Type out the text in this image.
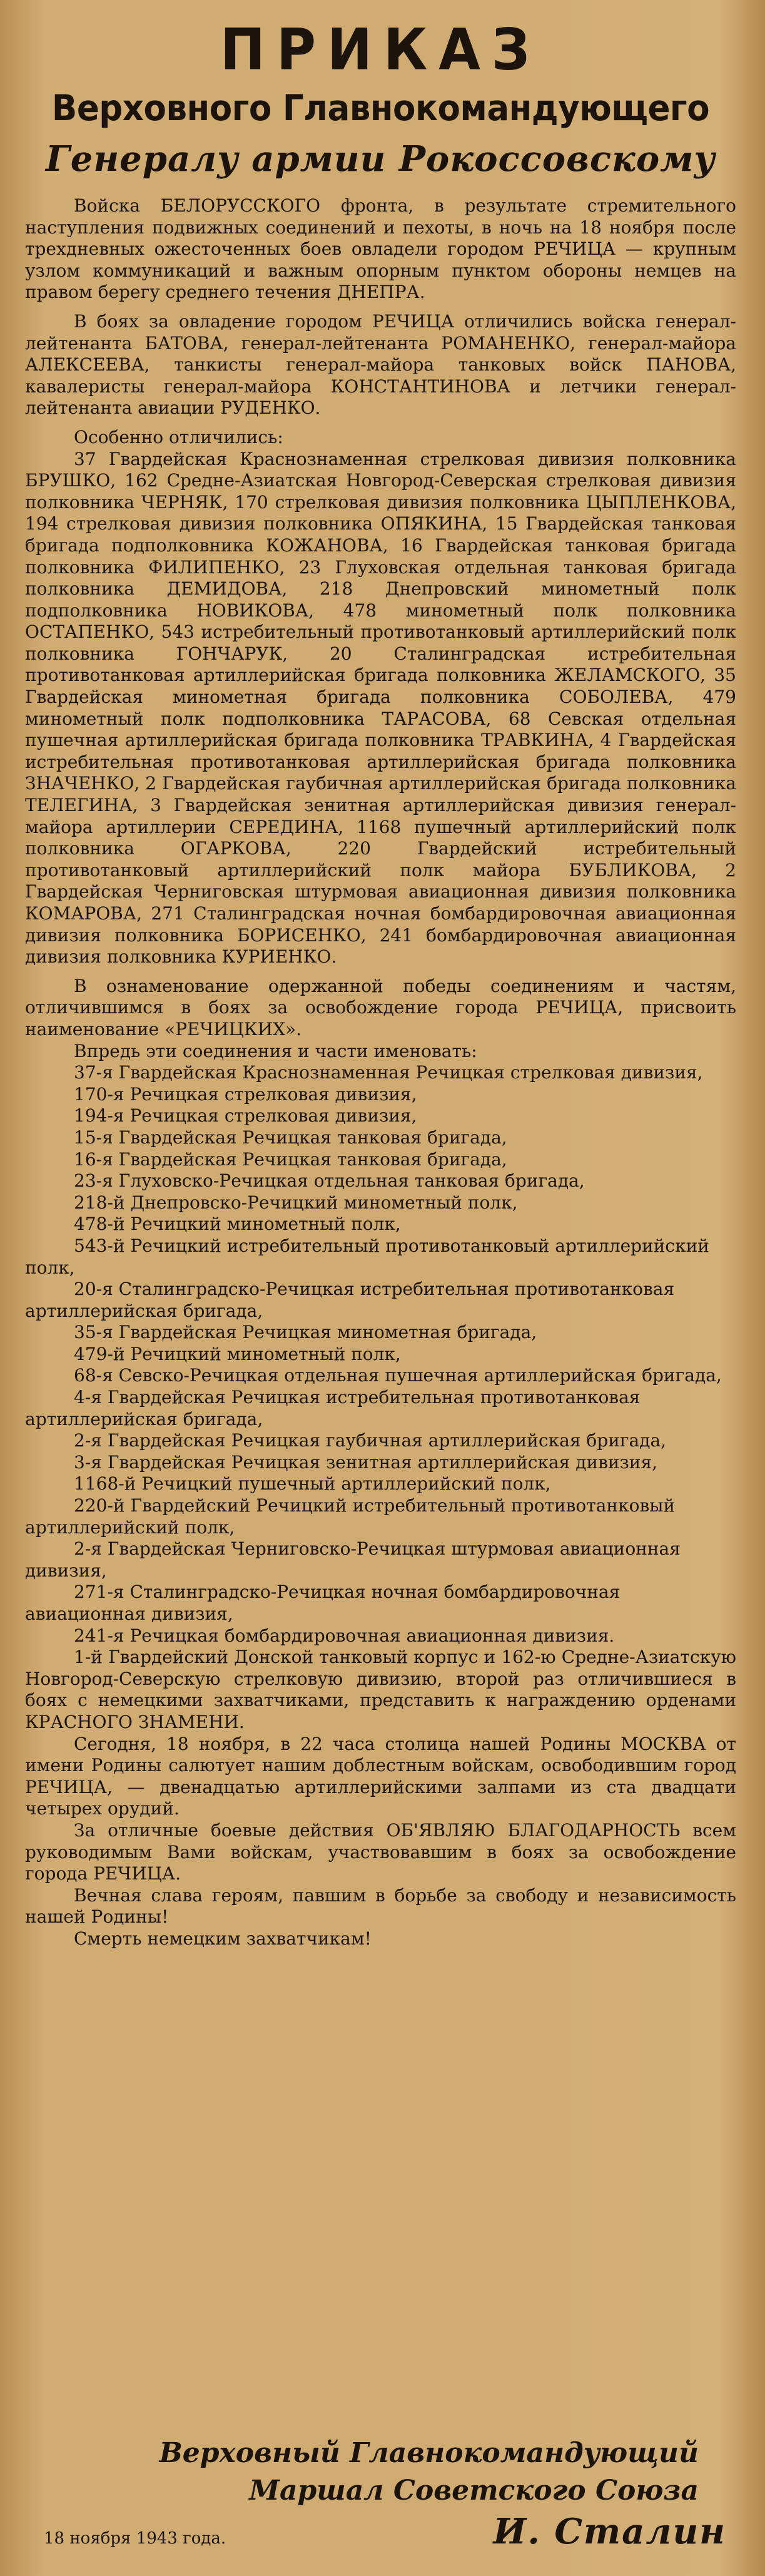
ПРИКАЗ
Верховного Главнокомандующего
Генералу армии Рокоссовскому

Войска БЕЛОРУССКОГО фронта, в результате стремительного наступления подвижных соединений и пехоты, в ночь на 18 ноября после трехдневных ожесточенных боев овладели городом РЕЧИЦА — крупным узлом коммуникаций и важным опорным пунктом обороны немцев на правом берегу среднего течения ДНЕПРА.

В боях за овладение городом РЕЧИЦА отличились войска генерал-лейтенанта БАТОВА, генерал-лейтенанта РОМАНЕНКО, генерал-майора АЛЕКСЕЕВА, танкисты генерал-майора танковых войск ПАНОВА, кавалеристы генерал-майора КОНСТАНТИНОВА и летчики генерал-лейтенанта авиации РУДЕНКО.

Особенно отличились:

37 Гвардейская Краснознаменная стрелковая дивизия полковника БРУШКО, 162 Средне-Азиатская Новгород-Северская стрелковая дивизия полковника ЧЕРНЯК, 170 стрелковая дивизия полковника ЦЫПЛЕНКОВА, 194 стрелковая дивизия полковника ОПЯКИНА, 15 Гвардейская танковая бригада подполковника КОЖАНОВА, 16 Гвардейская танковая бригада полковника ФИЛИПЕНКО, 23 Глуховская отдельная танковая бригада полковника ДЕМИДОВА, 218 Днепровский минометный полк подполковника НОВИКОВА, 478 минометный полк полковника ОСТАПЕНКО, 543 истребительный противотанковый артиллерийский полк полковника ГОНЧАРУК, 20 Сталинградская истребительная противотанковая артиллерийская бригада полковника ЖЕЛАМСКОГО, 35 Гвардейская минометная бригада полковника СОБОЛЕВА, 479 минометный полк подполковника ТАРАСОВА, 68 Севская отдельная пушечная артиллерийская бригада полковника ТРАВКИНА, 4 Гвардейская истребительная противотанковая артиллерийская бригада полковника ЗНАЧЕНКО, 2 Гвардейская гаубичная артиллерийская бригада полковника ТЕЛЕГИНА, 3 Гвардейская зенитная артиллерийская дивизия генерал-майора артиллерии СЕРЕДИНА, 1168 пушечный артиллерийский полк полковника ОГАРКОВА, 220 Гвардейский истребительный противотанковый артиллерийский полк майора БУБЛИКОВА, 2 Гвардейская Черниговская штурмовая авиационная дивизия полковника КОМАРОВА, 271 Сталинградская ночная бомбардировочная авиационная дивизия полковника БОРИСЕНКО, 241 бомбардировочная авиационная дивизия полковника КУРИЕНКО.

В ознаменование одержанной победы соединениям и частям, отличившимся в боях за освобождение города РЕЧИЦА, присвоить наименование «РЕЧИЦКИХ».

Впредь эти соединения и части именовать:

37-я Гвардейская Краснознаменная Речицкая стрелковая дивизия,

170-я Речицкая стрелковая дивизия,

194-я Речицкая стрелковая дивизия,

15-я Гвардейская Речицкая танковая бригада,

16-я Гвардейская Речицкая танковая бригада,

23-я Глуховско-Речицкая отдельная танковая бригада,

218-й Днепровско-Речицкий минометный полк,

478-й Речицкий минометный полк,

543-й Речицкий истребительный противотанковый артиллерийский полк,

20-я Сталинградско-Речицкая истребительная противотанковая артиллерийская бригада,

35-я Гвардейская Речицкая минометная бригада,

479-й Речицкий минометный полк,

68-я Севско-Речицкая отдельная пушечная артиллерийская бригада,

4-я Гвардейская Речицкая истребительная противотанковая артиллерийская бригада,

2-я Гвардейская Речицкая гаубичная артиллерийская бригада,

3-я Гвардейская Речицкая зенитная артиллерийская дивизия,

1168-й Речицкий пушечный артиллерийский полк,

220-й Гвардейский Речицкий истребительный противотанковый артиллерийский полк,

2-я Гвардейская Черниговско-Речицкая штурмовая авиационная дивизия,

271-я Сталинградско-Речицкая ночная бомбардировочная авиационная дивизия,

241-я Речицкая бомбардировочная авиационная дивизия.

1-й Гвардейский Донской танковый корпус и 162-ю Средне-Азиатскую Новгород-Северскую стрелковую дивизию, второй раз отличившиеся в боях с немецкими захватчиками, представить к награждению орденами КРАСНОГО ЗНАМЕНИ.

Сегодня, 18 ноября, в 22 часа столица нашей Родины МОСКВА от имени Родины салютует нашим доблестным войскам, освободившим город РЕЧИЦА, — двенадцатью артиллерийскими залпами из ста двадцати четырех орудий.

За отличные боевые действия ОБ'ЯВЛЯЮ БЛАГОДАРНОСТЬ всем руководимым Вами войскам, участвовавшим в боях за освобождение города РЕЧИЦА.

Вечная слава героям, павшим в борьбе за свободу и независимость нашей Родины!

Смерть немецким захватчикам!

Верховный Главнокомандующий
Маршал Советского Союза
18 ноября 1943 года.	И. Сталин
